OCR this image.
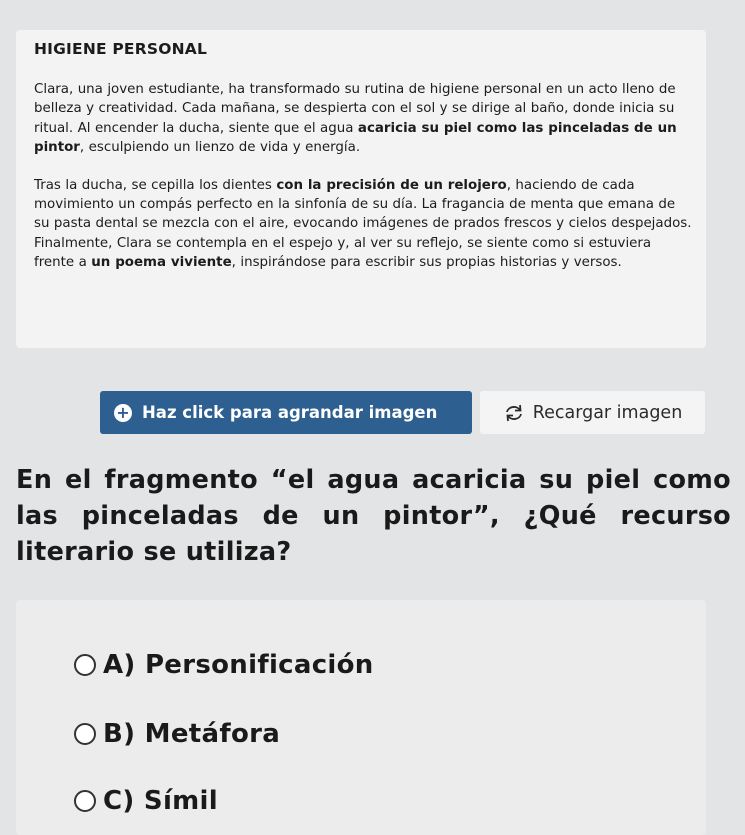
HIGIENE PERSONAL

Clara, una joven estudiante, ha transformado su rutina de higiene personal en un acto lleno de belleza y creatividad. Cada mañana, se despierta con el sol y se dirige al baño, donde inicia su ritual. Al encender la ducha, siente que el agua acaricia su piel como las pinceladas de un pintor, esculpiendo un lienzo de vida y energía.

Tras la ducha, se cepilla los dientes con la precisión de un relojero, haciendo de cada movimiento un compás perfecto en la sinfonía de su día. La fragancia de menta que emana de su pasta dental se mezcla con el aire, evocando imágenes de prados frescos y cielos despejados. Finalmente, Clara se contempla en el espejo y, al ver su reflejo, se siente como si estuviera frente a un poema viviente, inspirándose para escribir sus propias historias y versos.

+ Haz click para agrandar imagen	Recargar imagen

En el fragmento “el agua acaricia su piel como las pinceladas de un pintor”, ¿Qué recurso literario se utiliza?

A) Personificación
B) Metáfora
C) Símil
